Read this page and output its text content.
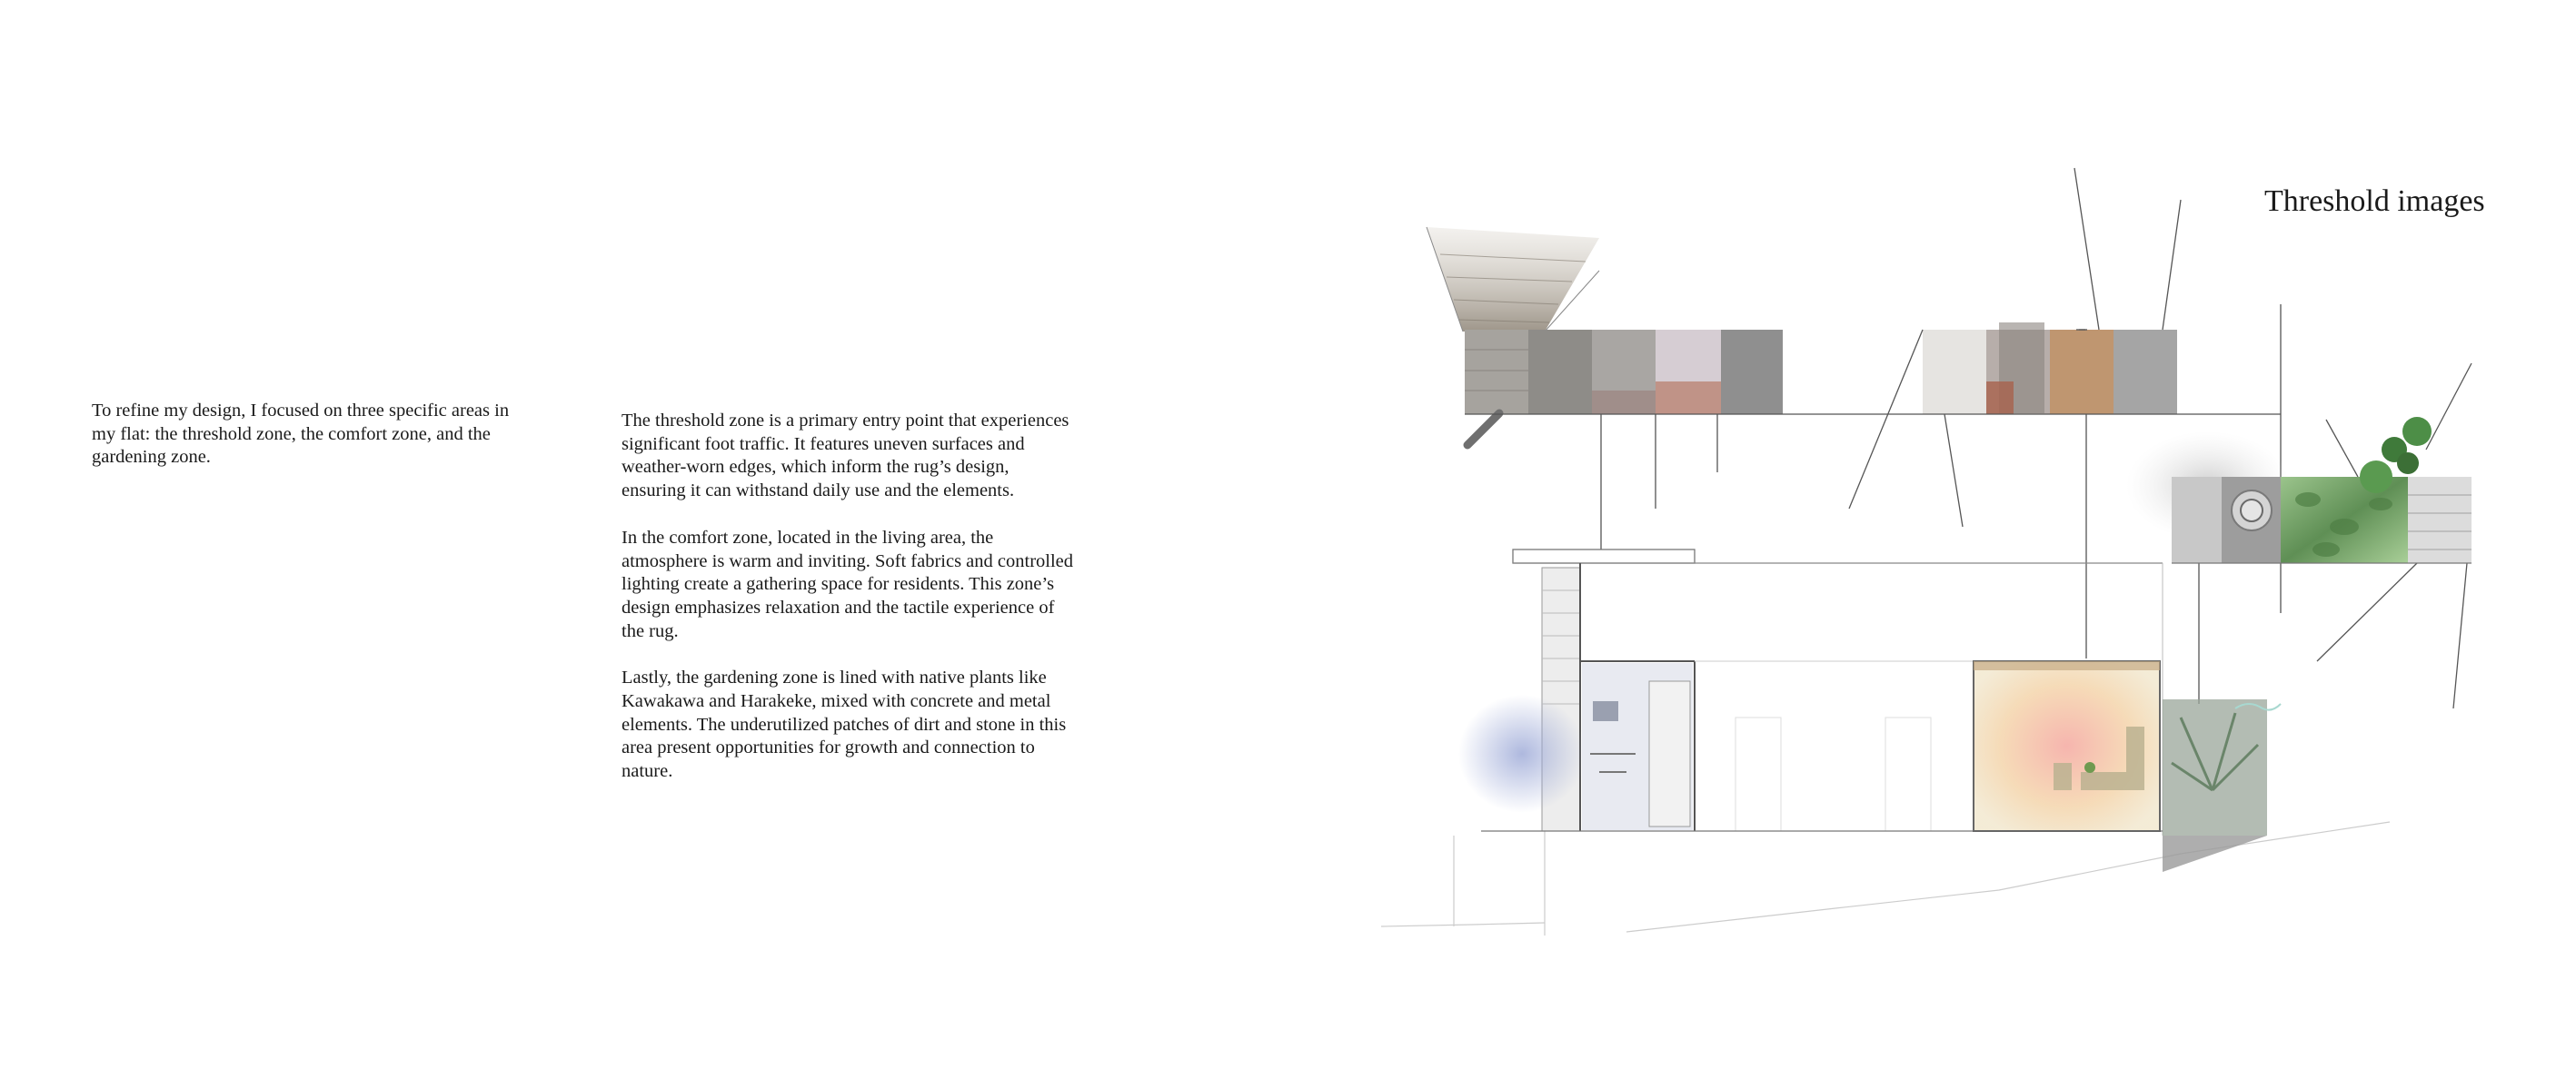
To refine my design, I focused on three specific areas in my flat: the threshold zone, the comfort zone, and the gardening zone.

The threshold zone is a primary entry point that experiences significant foot traffic. It features uneven surfaces and weather-worn edges, which inform the rug’s design, ensuring it can withstand daily use and the elements.

In the comfort zone, located in the living area, the atmosphere is warm and inviting. Soft fabrics and controlled lighting create a gathering space for residents. This zone’s design emphasizes relaxation and the tactile experience of the rug.

Lastly, the gardening zone is lined with native plants like Kawakawa and Harakeke, mixed with concrete and metal elements. The underutilized patches of dirt and stone in this area present opportunities for growth and connection to nature.

Threshold images
